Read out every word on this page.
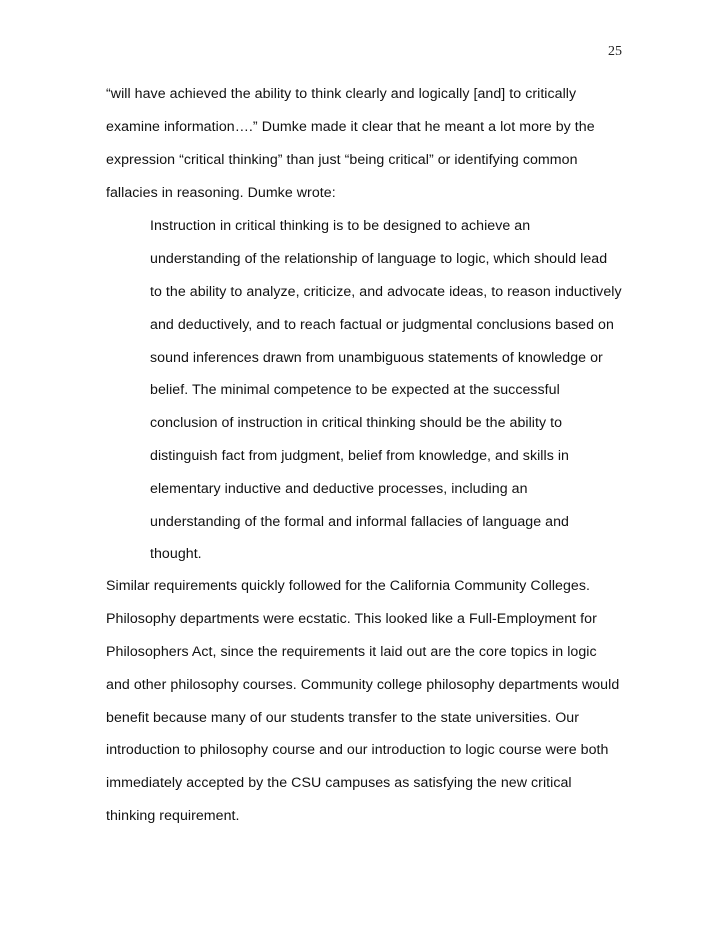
25
“will have achieved the ability to think clearly and logically [and] to critically
examine information….” Dumke made it clear that he meant a lot more by the
expression “critical thinking” than just “being critical” or identifying common
fallacies in reasoning. Dumke wrote:
Instruction in critical thinking is to be designed to achieve an
understanding of the relationship of language to logic, which should lead
to the ability to analyze, criticize, and advocate ideas, to reason inductively
and deductively, and to reach factual or judgmental conclusions based on
sound inferences drawn from unambiguous statements of knowledge or
belief. The minimal competence to be expected at the successful
conclusion of instruction in critical thinking should be the ability to
distinguish fact from judgment, belief from knowledge, and skills in
elementary inductive and deductive processes, including an
understanding of the formal and informal fallacies of language and
thought.
Similar requirements quickly followed for the California Community Colleges.
Philosophy departments were ecstatic. This looked like a Full-Employment for
Philosophers Act, since the requirements it laid out are the core topics in logic
and other philosophy courses. Community college philosophy departments would
benefit because many of our students transfer to the state universities. Our
introduction to philosophy course and our introduction to logic course were both
immediately accepted by the CSU campuses as satisfying the new critical
thinking requirement.
